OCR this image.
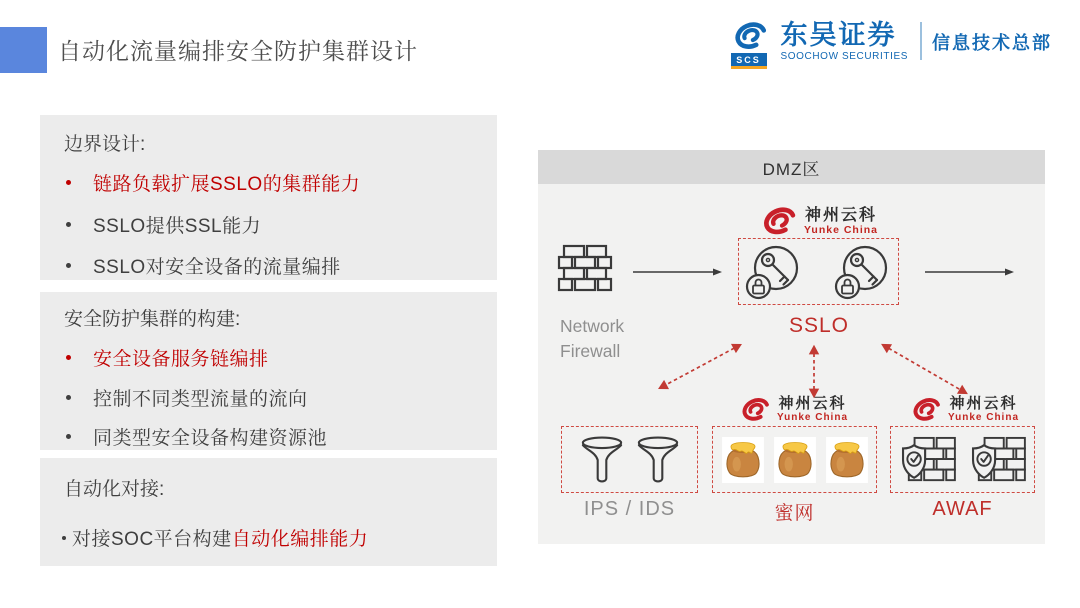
自动化流量编排安全防护集群设计	SCS
东吴证券
SOOCHOW SECURITIES
信息技术总部
边界设计:
链路负载扩展SSLO的集群能力
SSLO提供SSL能力
SSLO对安全设备的流量编排
安全防护集群的构建:
安全设备服务链编排
控制不同类型流量的流向
同类型安全设备构建资源池
自动化对接:
对接SOC平台构建自动化编排能力
DMZ区
Network
Firewall
神州云科
Yunke China
SSLO
神州云科
Yunke China
神州云科
Yunke China
IPS / IDS	蜜网	AWAF
